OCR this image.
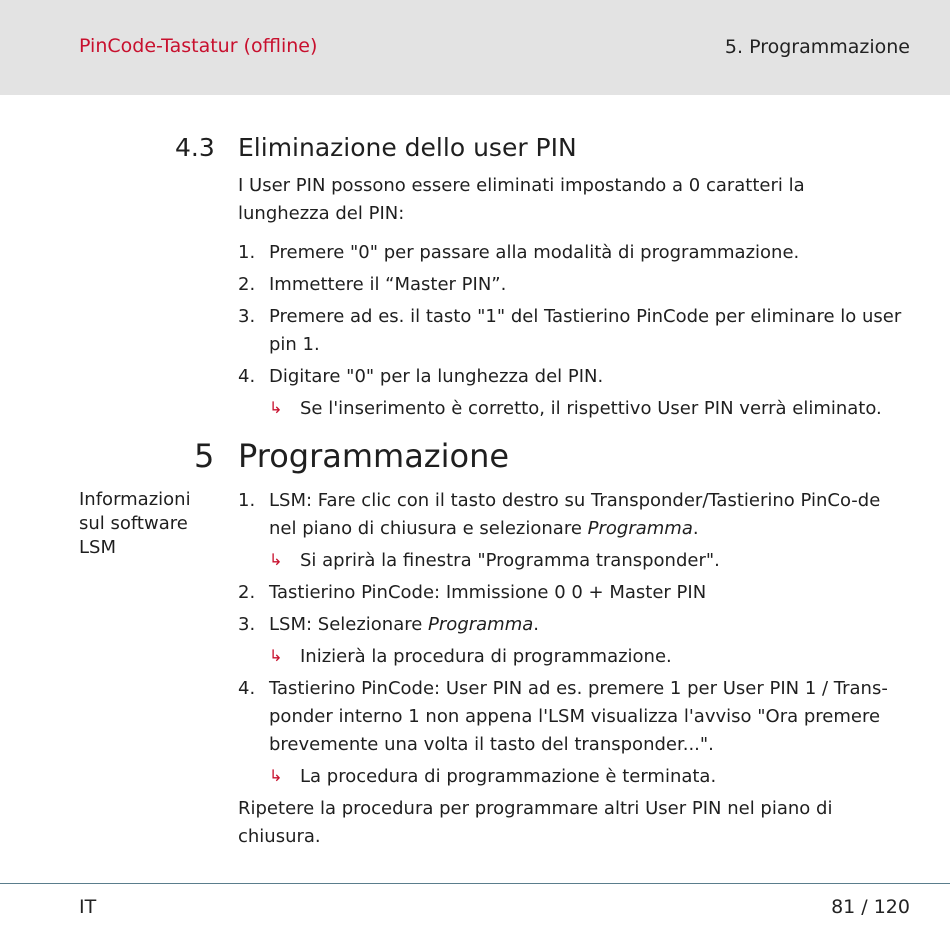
PinCode-Tastatur (offline)	5. Programmazione
4.3 Eliminazione dello user PIN
I User PIN possono essere eliminati impostando a 0 caratteri la lunghezza del PIN:
1. Premere "0" per passare alla modalità di programmazione.
2. Immettere il “Master PIN”.
3. Premere ad es. il tasto "1" del Tastierino PinCode per eliminare lo user pin 1.
4. Digitare "0" per la lunghezza del PIN.
↳ Se l'inserimento è corretto, il rispettivo User PIN verrà eliminato.
5 Programmazione
Informazioni sul software LSM
1. LSM: Fare clic con il tasto destro su Transponder/Tastierino PinCo-de nel piano di chiusura e selezionare Programma.
↳ Si aprirà la finestra "Programma transponder".
2. Tastierino PinCode: Immissione 0 0 + Master PIN
3. LSM: Selezionare Programma.
↳ Inizierà la procedura di programmazione.
4. Tastierino PinCode: User PIN ad es. premere 1 per User PIN 1 / Trans-ponder interno 1 non appena l'LSM visualizza l'avviso "Ora premere brevemente una volta il tasto del transponder...".
↳ La procedura di programmazione è terminata.
Ripetere la procedura per programmare altri User PIN nel piano di chiusura.
IT	81 / 120
